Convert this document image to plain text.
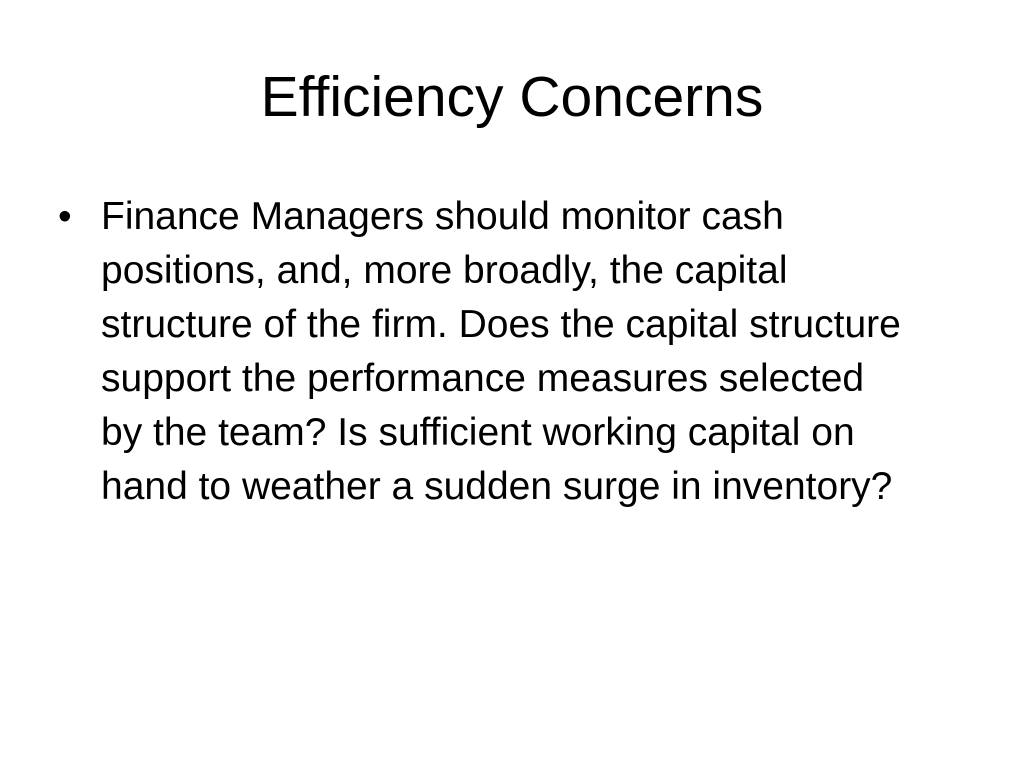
Efficiency Concerns
• Finance Managers should monitor cash positions, and, more broadly, the capital structure of the firm. Does the capital structure support the performance measures selected by the team? Is sufficient working capital on hand to weather a sudden surge in inventory?
